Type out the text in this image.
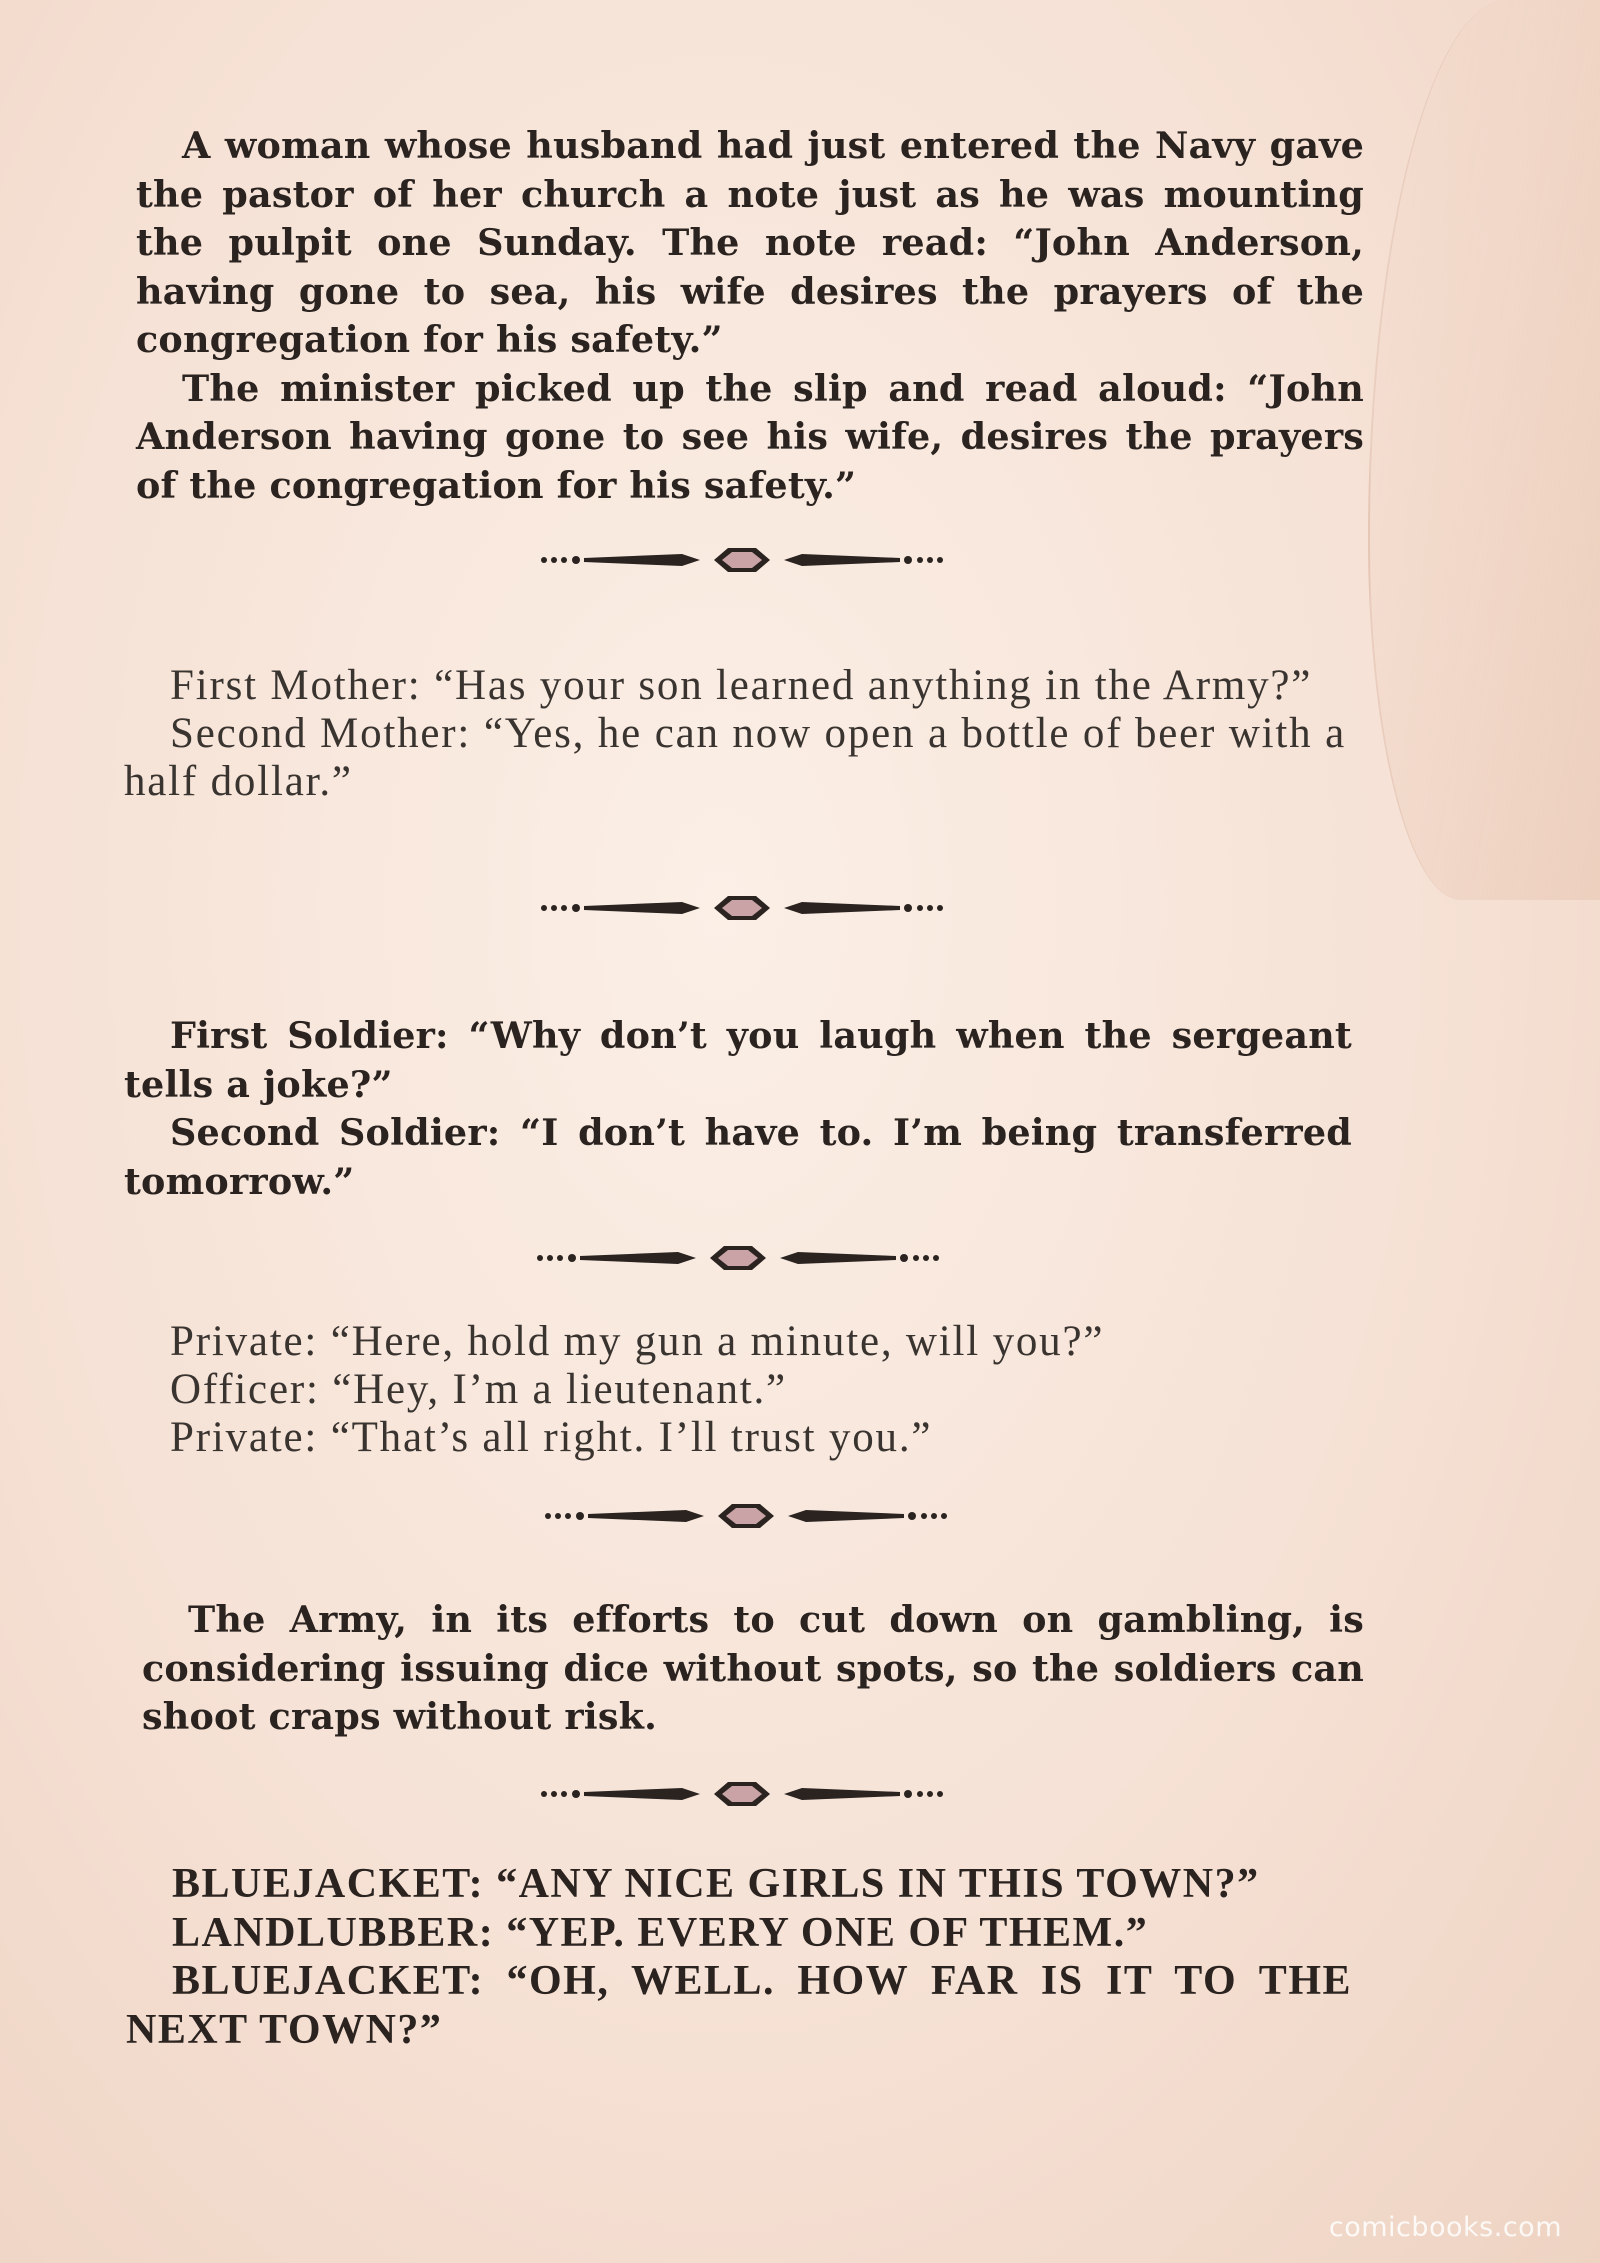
A woman whose husband had just entered the Navy gave the pastor of her church a note just as he was mounting the pulpit one Sunday. The note read: “John Anderson, having gone to sea, his wife desires the prayers of the congregation for his safety.”

The minister picked up the slip and read aloud: “John Anderson having gone to see his wife, desires the prayers of the congregation for his safety.”

First Mother: “Has your son learned anything in the Army?”

Second Mother: “Yes, he can now open a bottle of beer with a half dollar.”

First Soldier: “Why don’t you laugh when the sergeant tells a joke?”

Second Soldier: “I don’t have to. I’m being transferred tomorrow.”

Private: “Here, hold my gun a minute, will you?”

Officer: “Hey, I’m a lieutenant.”

Private: “That’s all right. I’ll trust you.”

The Army, in its efforts to cut down on gambling, is considering issuing dice without spots, so the soldiers can shoot craps without risk.

BLUEJACKET: “ANY NICE GIRLS IN THIS TOWN?”

LANDLUBBER: “YEP. EVERY ONE OF THEM.”

BLUEJACKET: “OH, WELL. HOW FAR IS IT TO THE NEXT TOWN?”

comicbooks.com
